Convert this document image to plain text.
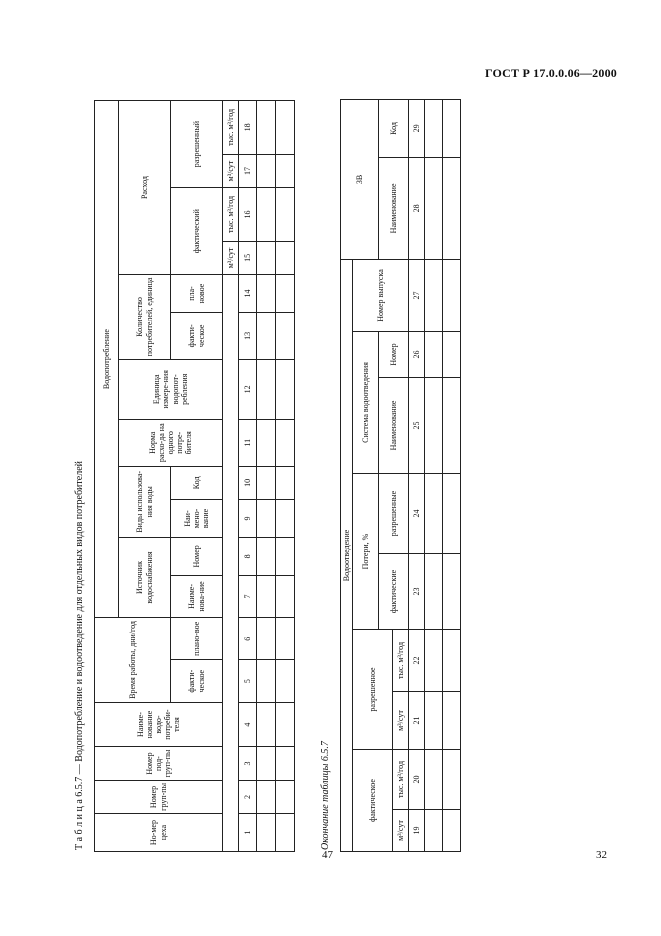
ГОСТ Р 17.0.0.06—2000
Т а б л и ц а 6.5.7 — Водопотребление и водоотведение для отдельных видов потребителей
Но-мер цеха	Номер груп-пы	Номер под-груп-пы	Наиме-нование водо-потреби-теля	Время работы, дни/год		Водопотребление											
						Источник водоснабжения		Виды использова-ния воды		Норма расхо-да на одного потре-бителя	Единица измере-ния водопот-ребления	Количество потребителей, единица		Расход			
				факти-ческое	плано-вое	Наиме-нова-ние	Номер	Наи-мено-вание	Код			факти-ческое	пла-новое	фактический		разрешенный	
														м³/сут	тыс. м³/год	м³/сут	тыс. м³/год
1	2	3	4	5	6	7	8	9	10	11	12	13	14	15	16	17	18

Окончание таблицы 6.5.7
Водоотведение									ЗВ	
фактическое		разрешенное		Потери, %		Система водоотведения		Номер выпуска		
				фактические	разрешенные	Наименование	Номер		Наименование	Код
м³/сут	тыс. м³/год	м³/сут	тыс. м³/год							
19	20	21	22	23	24	25	26	27	28	29

47	32
